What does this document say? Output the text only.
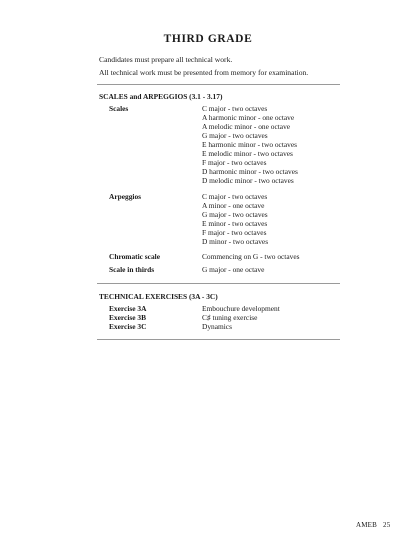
THIRD GRADE
Candidates must prepare all technical work.
All technical work must be presented from memory for examination.
SCALES and ARPEGGIOS (3.1 - 3.17)
Scales	C major - two octaves
A harmonic minor - one octave
A melodic minor - one octave
G major - two octaves
E harmonic minor - two octaves
E melodic minor - two octaves
F major - two octaves
D harmonic minor - two octaves
D melodic minor - two octaves
Arpeggios	C major - two octaves
A minor - one octave
G major - two octaves
E minor - two octaves
F major - two octaves
D minor - two octaves
Chromatic scale	Commencing on G - two octaves
Scale in thirds	G major - one octave
TECHNICAL EXERCISES (3A - 3C)
Exercise 3A	Embouchure development
Exercise 3B	C♯ tuning exercise
Exercise 3C	Dynamics
AMEB 25
